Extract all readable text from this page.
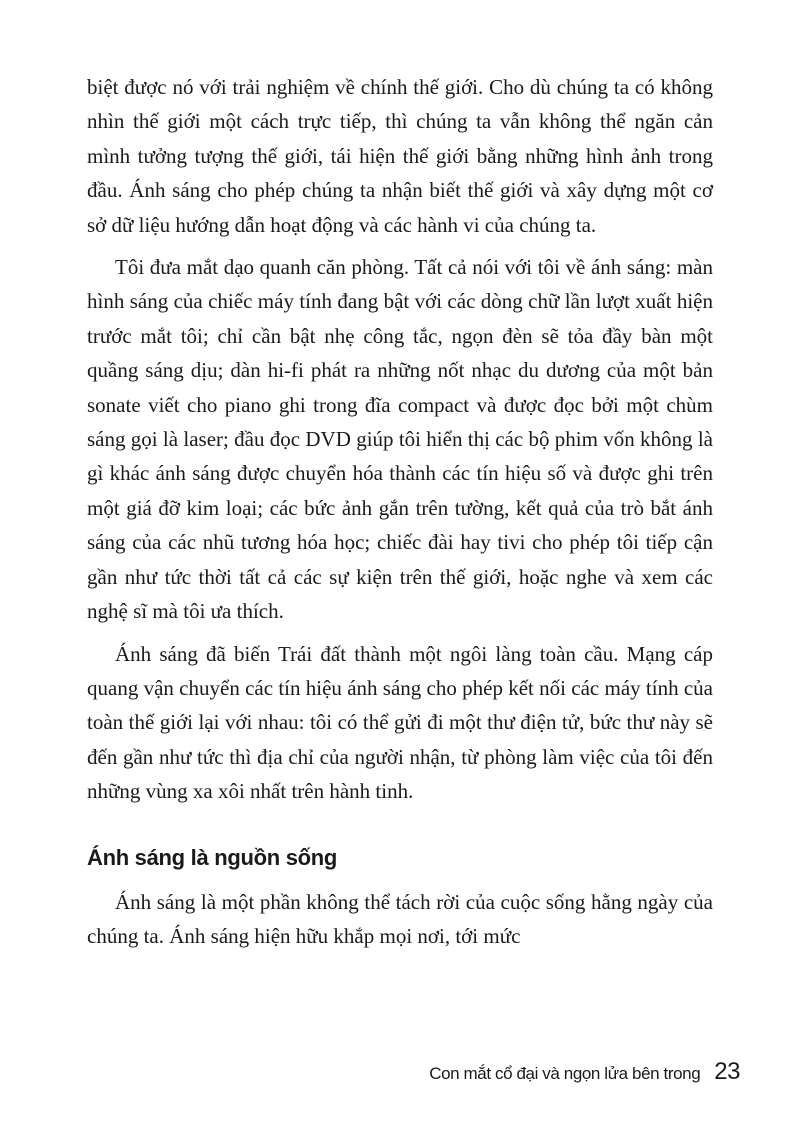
biệt được nó với trải nghiệm về chính thế giới. Cho dù chúng ta có không nhìn thế giới một cách trực tiếp, thì chúng ta vẫn không thể ngăn cản mình tưởng tượng thế giới, tái hiện thế giới bằng những hình ảnh trong đầu. Ánh sáng cho phép chúng ta nhận biết thế giới và xây dựng một cơ sở dữ liệu hướng dẫn hoạt động và các hành vi của chúng ta.

Tôi đưa mắt dạo quanh căn phòng. Tất cả nói với tôi về ánh sáng: màn hình sáng của chiếc máy tính đang bật với các dòng chữ lần lượt xuất hiện trước mắt tôi; chỉ cần bật nhẹ công tắc, ngọn đèn sẽ tỏa đầy bàn một quầng sáng dịu; dàn hi-fi phát ra những nốt nhạc du dương của một bản sonate viết cho piano ghi trong đĩa compact và được đọc bởi một chùm sáng gọi là laser; đầu đọc DVD giúp tôi hiển thị các bộ phim vốn không là gì khác ánh sáng được chuyển hóa thành các tín hiệu số và được ghi trên một giá đỡ kim loại; các bức ảnh gắn trên tường, kết quả của trò bắt ánh sáng của các nhũ tương hóa học; chiếc đài hay tivi cho phép tôi tiếp cận gần như tức thời tất cả các sự kiện trên thế giới, hoặc nghe và xem các nghệ sĩ mà tôi ưa thích.

Ánh sáng đã biến Trái đất thành một ngôi làng toàn cầu. Mạng cáp quang vận chuyển các tín hiệu ánh sáng cho phép kết nối các máy tính của toàn thế giới lại với nhau: tôi có thể gửi đi một thư điện tử, bức thư này sẽ đến gần như tức thì địa chỉ của người nhận, từ phòng làm việc của tôi đến những vùng xa xôi nhất trên hành tinh.

Ánh sáng là nguồn sống

Ánh sáng là một phần không thể tách rời của cuộc sống hằng ngày của chúng ta. Ánh sáng hiện hữu khắp mọi nơi, tới mức

Con mắt cổ đại và ngọn lửa bên trong 23
